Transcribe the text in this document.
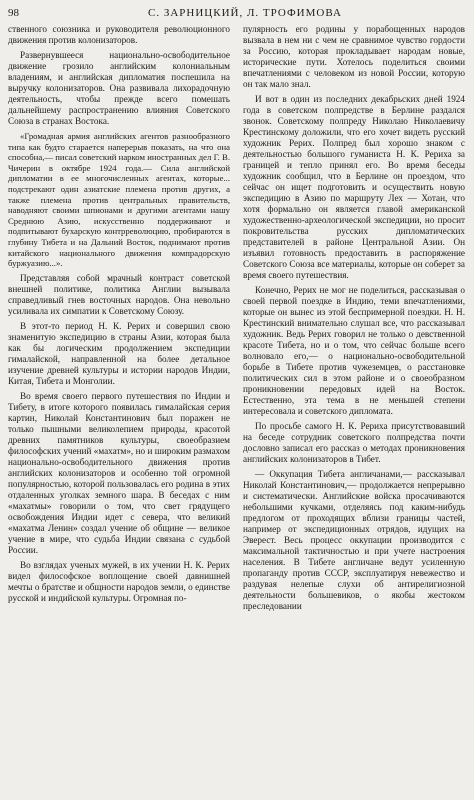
98	С. ЗАРНИЦКИЙ, Л. ТРОФИМОВА

ственного союзника и руководителя революционного движения против колонизаторов.

Развернувшееся национально-освободительное движение грозило английским колониальным владениям, и английская дипломатия поспешила на выручку колонизаторов. Она развивала лихорадочную деятельность, чтобы прежде всего помешать дальнейшему распространению влияния Советского Союза в странах Востока.

«Громадная армия английских агентов разнообразного типа как будто старается наперерыв показать, на что она способна,— писал советский нарком иностранных дел Г. В. Чичерин в октябре 1924 года.— Сила английской дипломатии в ее многочисленных агентах, которые... подстрекают один азиатские племена против других, а также племена против центральных правительств, наводняют своими шпионами и другими агентами нашу Среднюю Азию, искусственно поддерживают и подпитывают бухарскую контрреволюцию, пробираются в глубину Тибета и на Дальний Восток, поднимают против китайского национального движения компрадорскую буржуазию...».

Представляя собой мрачный контраст советской внешней политике, политика Англии вызывала справедливый гнев восточных народов. Она невольно усиливала их симпатии к Советскому Союзу.

В этот-то период Н. К. Рерих и совершил свою знаменитую экспедицию в страны Азии, которая была как бы логическим продолжением экспедиции гималайской, направленной на более детальное изучение древней культуры и истории народов Индии, Китая, Тибета и Монголии.

Во время своего первого путешествия по Индии и Тибету, в итоге которого появилась гималайская серия картин, Николай Константинович был поражен не только пышными великолепием природы, красотой древних памятников культуры, своеобразием философских учений «махатм», но и широким размахом национально-освободительного движения против английских колонизаторов и особенно той огромной популярностью, которой пользовалась его родина в этих отдаленных уголках земного шара. В беседах с ним «махатмы» говорили о том, что свет грядущего освобождения Индии идет с севера, что великий «махатма Ленин» создал учение об общине — великое учение в мире, что судьба Индии связана с судьбой России.

Во взглядах ученых мужей, в их учении Н. К. Рерих видел философское воплощение своей давнишней мечты о братстве и общности народов земли, о единстве русской и индийской культуры. Огромная по-

пулярность его родины у порабощенных народов вызвала в нем ни с чем не сравнимое чувство гордости за Россию, которая прокладывает народам новые, исторические пути. Хотелось поделиться своими впечатлениями с человеком из новой России, которую он так мало знал.

И вот в один из последних декабрьских дней 1924 года в советском полпредстве в Берлине раздался звонок. Советскому полпреду Николаю Николаевичу Крестинскому доложили, что его хочет видеть русский художник Рерих. Полпред был хорошо знаком с деятельностью большого гуманиста Н. К. Рериха за границей и тепло принял его. Во время беседы художник сообщил, что в Берлине он проездом, что сейчас он ищет подготовить и осуществить новую экспедицию в Азию по маршруту Лех — Хотан, что хотя формально он является главой американской художественно-археологической экспедиции, но просит покровительства русских дипломатических представителей в районе Центральной Азии. Он изъявил готовность предоставить в распоряжение Советского Союза все материалы, которые он соберет за время своего путешествия.

Конечно, Рерих не мог не поделиться, рассказывая о своей первой поездке в Индию, теми впечатлениями, которые он вынес из этой беспримерной поездки. Н. Н. Крестинский внимательно слушал все, что рассказывал художник. Ведь Рерих говорил не только о девственной красоте Тибета, но и о том, что сейчас больше всего волновало его,— о национально-освободительной борьбе в Тибете против чужеземцев, о расстановке политических сил в этом районе и о своеобразном проникновении передовых идей на Восток. Естественно, эта тема в не меньшей степени интересовала и советского дипломата.

По просьбе самого Н. К. Рериха присутствовавший на беседе сотрудник советского полпредства почти дословно записал его рассказ о методах проникновения английских колонизаторов в Тибет.

— Оккупация Тибета англичанами,— рассказывал Николай Константинович,— продолжается непрерывно и систематически. Английские войска просачиваются небольшими кучками, отделяясь под каким-нибудь предлогом от проходящих вблизи границы частей, например от экспедиционных отрядов, идущих на Эверест. Весь процесс оккупации производится с максимальной тактичностью и при учете настроения населения. В Тибете англичане ведут усиленную пропаганду против СССР, эксплуатируя невежество и раздувая нелепые слухи об антирелигиозной деятельности большевиков, о якобы жестоком преследовании
